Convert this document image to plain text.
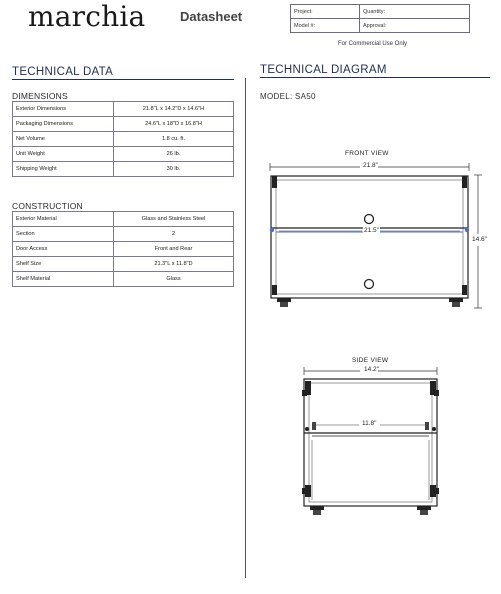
marchia	Datasheet	Project:	Quantity:
Model #:	Approval:
For Commercial Use Only
TECHNICAL DATA
DIMENSIONS
Exterior Dimensions	21.8"L x 14.2"D x 14.6"H
Packaging Dimensions	24.6"L x 18"D x 16.8"H
Net Volume	1.8 cu. ft.
Unit Weight	26 lb.
Shipping Weight	30 lb.
CONSTRUCTION
Exterior Material	Glass and Stainless Steel
Section	2
Door Access	Front and Rear
Shelf Size	21.3"L x 11.8"D
Shelf Material	Glass
TECHNICAL DIAGRAM
MODEL: SA50
FRONT VIEW
21.8"
14.6"
21.5"
SIDE VIEW
14.2"
11.8"
